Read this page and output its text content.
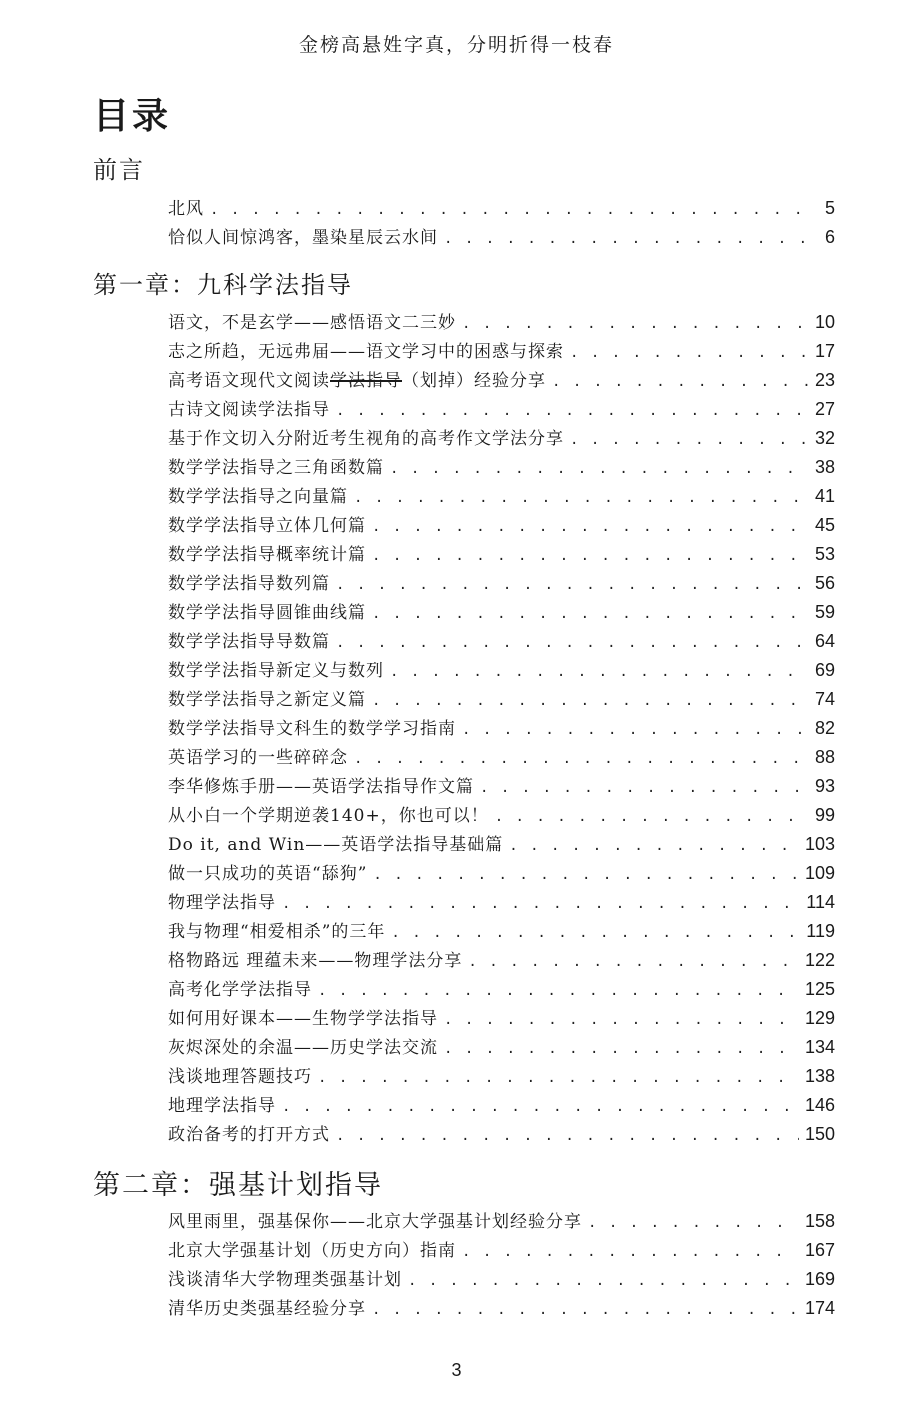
金榜高悬姓字真，分明折得一枝春
目录
前言
北风 . . .	5
恰似人间惊鸿客，墨染星辰云水间 . . .	6
第一章：九科学法指导
语文，不是玄学——感悟语文二三妙 . . .	10
志之所趋，无远弗届——语文学习中的困惑与探索 . . .	17
高考语文现代文阅读 学法指导 （划掉）经验分享 . . .	23
古诗文阅读学法指导 . . .	27
基于作文切入分附近考生视角的高考作文学法分享 . . .	32
数学学法指导之三角函数篇 . . .	38
数学学法指导之向量篇 . . .	41
数学学法指导立体几何篇 . . .	45
数学学法指导概率统计篇 . . .	53
数学学法指导数列篇 . . .	56
数学学法指导圆锥曲线篇 . . .	59
数学学法指导导数篇 . . .	64
数学学法指导新定义与数列 . . .	69
数学学法指导之新定义篇 . . .	74
数学学法指导文科生的数学学习指南 . . .	82
英语学习的一些碎碎念 . . .	88
李华修炼手册——英语学法指导作文篇 . . .	93
从小白一个学期逆袭140+，你也可以！ . . .	99
Do it, and Win——英语学法指导基础篇 . . .	103
做一只成功的英语“舔狗” . . .	109
物理学法指导 . . .	114
我与物理“相爱相杀”的三年 . . .	119
格物路远 理蕴未来——物理学法分享 . . .	122
高考化学学法指导 . . .	125
如何用好课本——生物学学法指导 . . .	129
灰烬深处的余温——历史学法交流 . . .	134
浅谈地理答题技巧 . . .	138
地理学法指导 . . .	146
政治备考的打开方式 . . .	150
第二章：强基计划指导
风里雨里，强基保你——北京大学强基计划经验分享 . . .	158
北京大学强基计划（历史方向）指南 . . .	167
浅谈清华大学物理类强基计划 . . .	169
清华历史类强基经验分享 . . .	174
3
